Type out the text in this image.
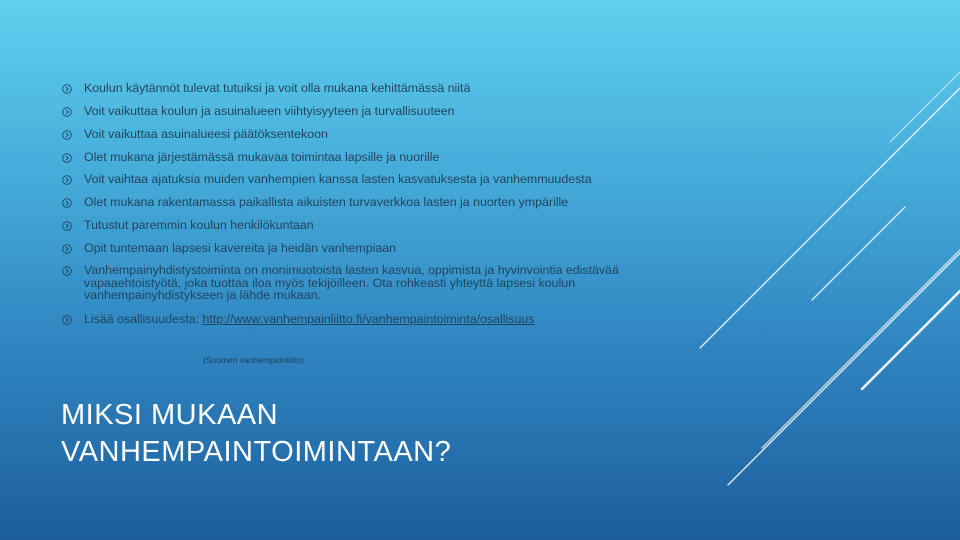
Koulun käytännöt tulevat tutuiksi ja voit olla mukana kehittämässä niitä
Voit vaikuttaa koulun ja asuinalueen viihtyisyyteen ja turvallisuuteen
Voit vaikuttaa asuinalueesi päätöksentekoon
Olet mukana järjestämässä mukavaa toimintaa lapsille ja nuorille
Voit vaihtaa ajatuksia muiden vanhempien kanssa lasten kasvatuksesta ja vanhemmuudesta
Olet mukana rakentamassa paikallista aikuisten turvaverkkoa lasten ja nuorten ympärille
Tutustut paremmin koulun henkilökuntaan
Opit tuntemaan lapsesi kavereita ja heidän vanhempiaan
Vanhempainyhdistystoiminta on monimuotoista lasten kasvua, oppimista ja hyvinvointia edistävää vapaaehtoistyötä, joka tuottaa iloa myös tekijöilleen. Ota rohkeasti yhteyttä lapsesi koulun vanhempainyhdistykseen ja lähde mukaan.
Lisää osallisuudesta: http://www.vanhempainliitto.fi/vanhempaintoiminta/osallisuus
(Suomen vanhempainliitto)
MIKSI MUKAAN
VANHEMPAINTOIMINTAAN?
